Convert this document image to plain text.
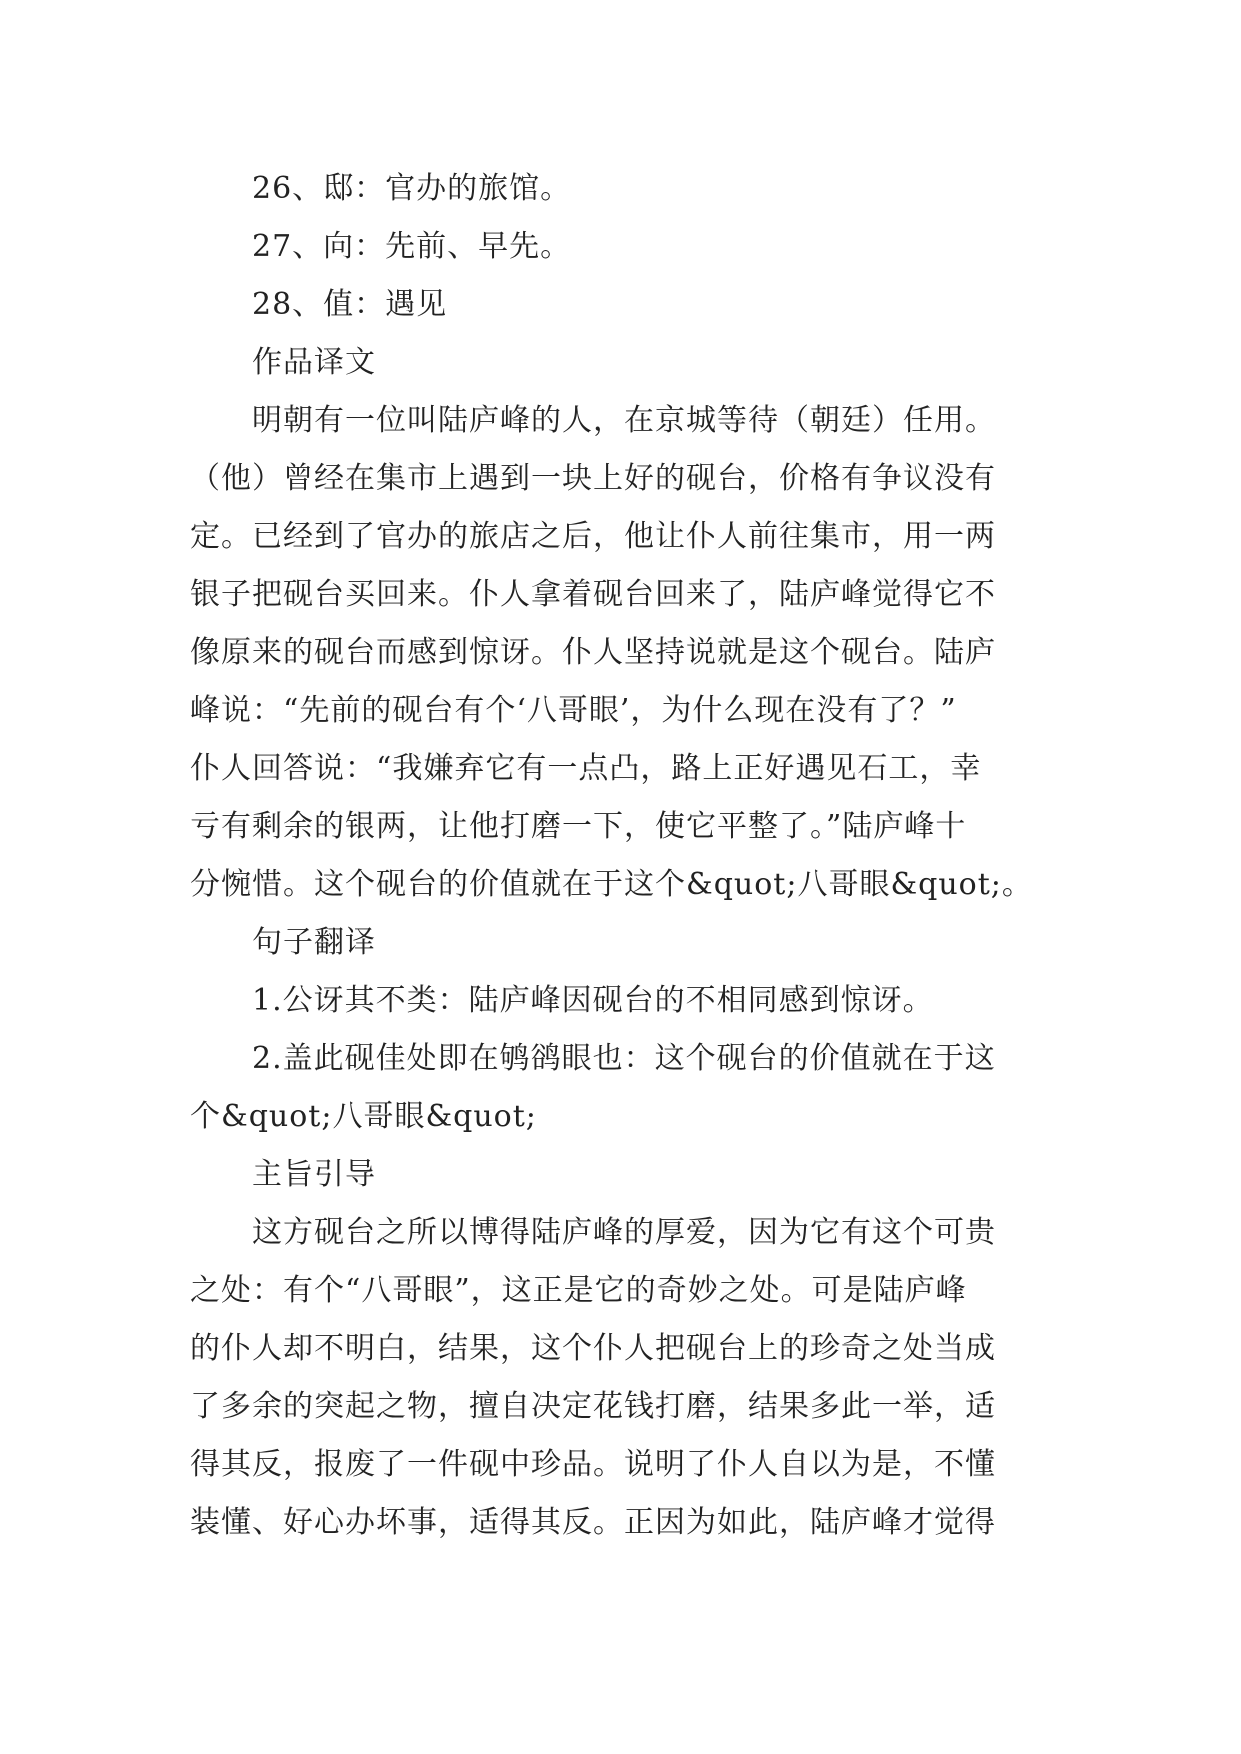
26、邸：官办的旅馆。

27、向：先前、早先。

28、值：遇见

作品译文

明朝有一位叫陆庐峰的人，在京城等待（朝廷）任用。

（他）曾经在集市上遇到一块上好的砚台，价格有争议没有

定。已经到了官办的旅店之后，他让仆人前往集市，用一两

银子把砚台买回来。仆人拿着砚台回来了，陆庐峰觉得它不

像原来的砚台而感到惊讶。仆人坚持说就是这个砚台。陆庐

峰说：“先前的砚台有个‘八哥眼’，为什么现在没有了？”

仆人回答说：“我嫌弃它有一点凸，路上正好遇见石工，幸

亏有剩余的银两，让他打磨一下，使它平整了。”陆庐峰十

分惋惜。这个砚台的价值就在于这个&quot;八哥眼&quot;。

句子翻译

1.公讶其不类：陆庐峰因砚台的不相同感到惊讶。

2.盖此砚佳处即在鸲鹆眼也：这个砚台的价值就在于这

个&quot;八哥眼&quot;

主旨引导

这方砚台之所以博得陆庐峰的厚爱，因为它有这个可贵

之处：有个“八哥眼”，这正是它的奇妙之处。可是陆庐峰

的仆人却不明白，结果，这个仆人把砚台上的珍奇之处当成

了多余的突起之物，擅自决定花钱打磨，结果多此一举，适

得其反，报废了一件砚中珍品。说明了仆人自以为是，不懂

装懂、好心办坏事，适得其反。正因为如此，陆庐峰才觉得
